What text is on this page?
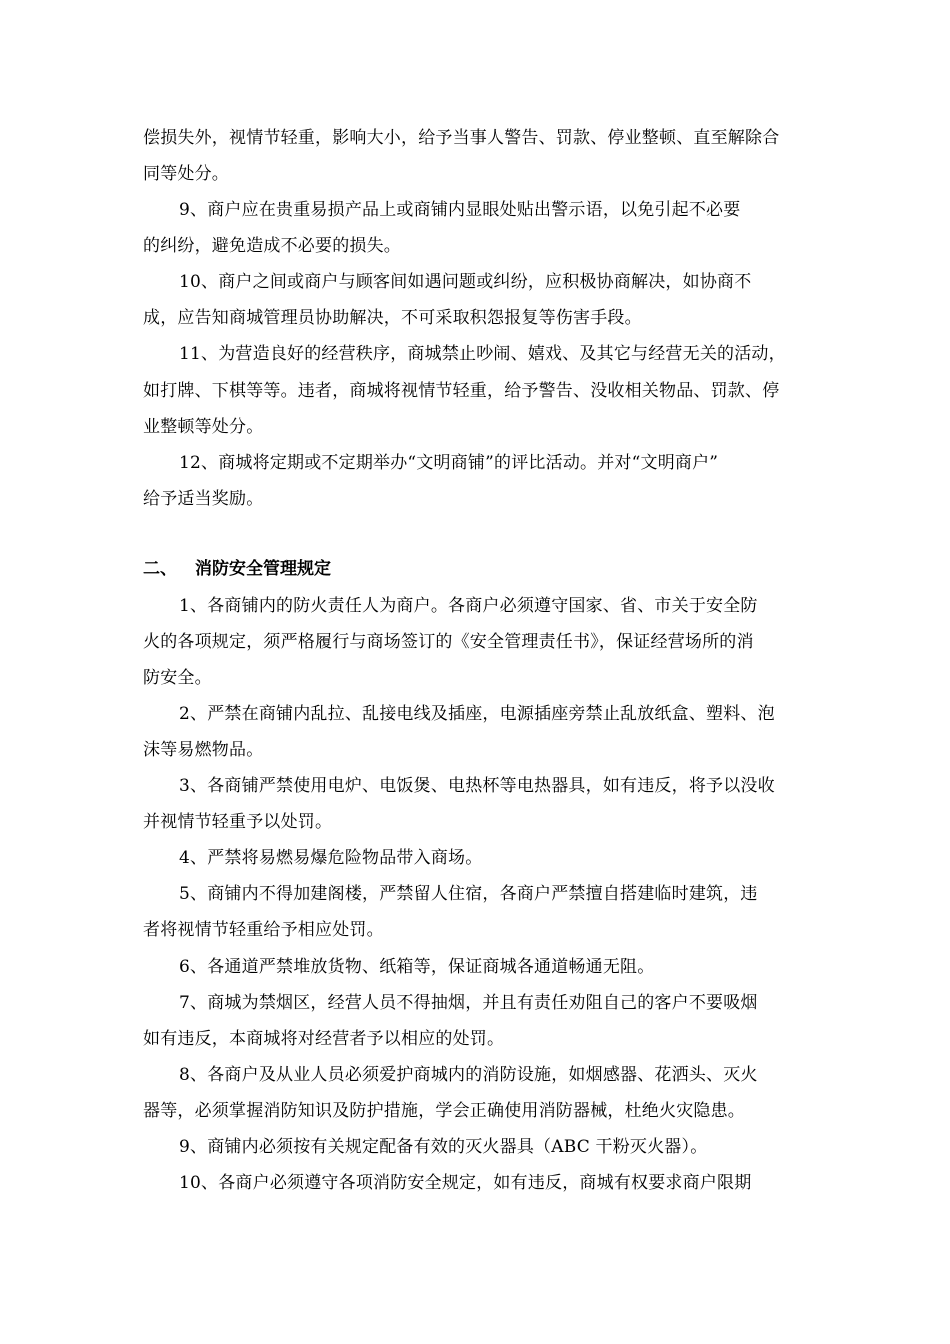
偿损失外，视情节轻重，影响大小，给予当事人警告、罚款、停业整顿、直至解除合
同等处分。
9、商户应在贵重易损产品上或商铺内显眼处贴出警示语，以免引起不必要
的纠纷，避免造成不必要的损失。
10、商户之间或商户与顾客间如遇问题或纠纷，应积极协商解决，如协商不
成，应告知商城管理员协助解决，不可采取积怨报复等伤害手段。
11、为营造良好的经营秩序，商城禁止吵闹、嬉戏、及其它与经营无关的活动，
如打牌、下棋等等。违者，商城将视情节轻重，给予警告、没收相关物品、罚款、停
业整顿等处分。
12、商城将定期或不定期举办“文明商铺”的评比活动。并对“文明商户”
给予适当奖励。
二、 消防安全管理规定
1、各商铺内的防火责任人为商户。各商户必须遵守国家、省、市关于安全防
火的各项规定，须严格履行与商场签订的《安全管理责任书》，保证经营场所的消
防安全。
2、严禁在商铺内乱拉、乱接电线及插座，电源插座旁禁止乱放纸盒、塑料、泡
沫等易燃物品。
3、各商铺严禁使用电炉、电饭煲、电热杯等电热器具，如有违反，将予以没收
并视情节轻重予以处罚。
4、严禁将易燃易爆危险物品带入商场。
5、商铺内不得加建阁楼，严禁留人住宿，各商户严禁擅自搭建临时建筑，违
者将视情节轻重给予相应处罚。
6、各通道严禁堆放货物、纸箱等，保证商城各通道畅通无阻。
7、商城为禁烟区，经营人员不得抽烟，并且有责任劝阻自己的客户不要吸烟
如有违反，本商城将对经营者予以相应的处罚。
8、各商户及从业人员必须爱护商城内的消防设施，如烟感器、花洒头、灭火
器等，必须掌握消防知识及防护措施，学会正确使用消防器械，杜绝火灾隐患。
9、商铺内必须按有关规定配备有效的灭火器具（ABC 干粉灭火器）。
10、各商户必须遵守各项消防安全规定，如有违反，商城有权要求商户限期
